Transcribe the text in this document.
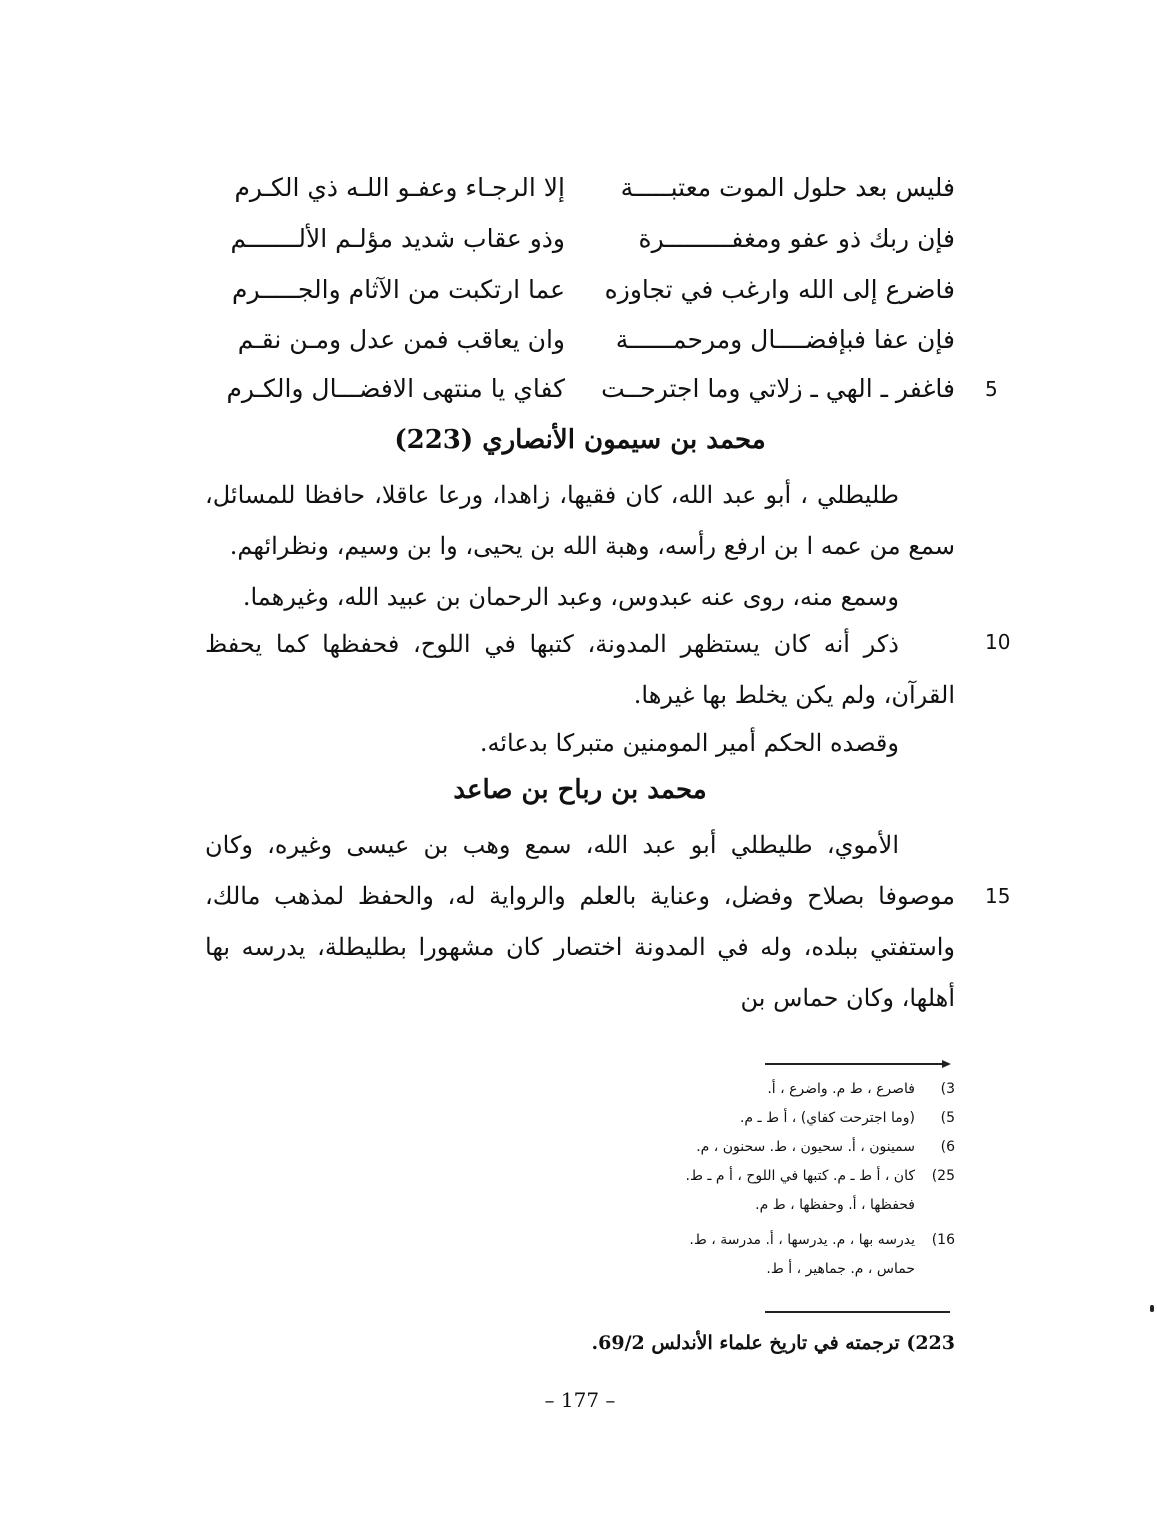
فليس بعد حلول الموت معتبـــــة
إلا الرجـاء وعفـو اللـه ذي الكـرم
فإن ربك ذو عفو ومغفـــــــــرة
وذو عقاب شديد مؤلـم الألـــــــم
فاضرع إلى الله وارغب في تجاوزه
عما ارتكبت من الآثام والجـــــرم
فإن عفا فبإفضــــال ومرحمــــــة
وان يعاقب فمن عدل ومـن نقـم
فاغفر ـ الهي ـ زلاتي وما اجترحــت
كفاي يا منتهى الافضـــال والكـرم	5
محمد بن سيمون الأنصاري (223)
طليطلي ، أبو عبد الله، كان فقيها، زاهدا، ورعا عاقلا، حافظا للمسائل، سمع من عمه ا بن ارفع رأسه، وهبة الله بن يحيى، وا بن وسيم، ونظرائهم.
وسمع منه، روى عنه عبدوس، وعبد الرحمان بن عبيد الله، وغيرهما.
ذكر أنه كان يستظهر المدونة، كتبها في اللوح، فحفظها كما يحفظ القرآن، ولم يكن يخلط بها غيرها.
10
وقصده الحكم أمير المومنين متبركا بدعائه.
محمد بن رباح بن صاعد
الأموي، طليطلي أبو عبد الله، سمع وهب بن عيسى وغيره، وكان موصوفا بصلاح وفضل، وعناية بالعلم والرواية له، والحفظ لمذهب مالك، واستفتي ببلده، وله في المدونة اختصار كان مشهورا بطليطلة، يدرسه بها أهلها، وكان حماس بن
15
3)
فاصرع ، ط م. واضرع ، أ.
5)
(وما اجترحت كفاي) ، أ ط ـ م.
6)
سمينون ، أ. سحيون ، ط. سحنون ، م.
25)
كان ، أ ط ـ م. كتبها في اللوح ، أ م ـ ط.
فحفظها ، أ. وحفظها ، ط م.
16)
يدرسه بها ، م. يدرسها ، أ. مدرسة ، ط.
حماس ، م. جماهير ، أ ط.
223) ترجمته في تاريخ علماء الأندلس 69/2.
– 177 –
